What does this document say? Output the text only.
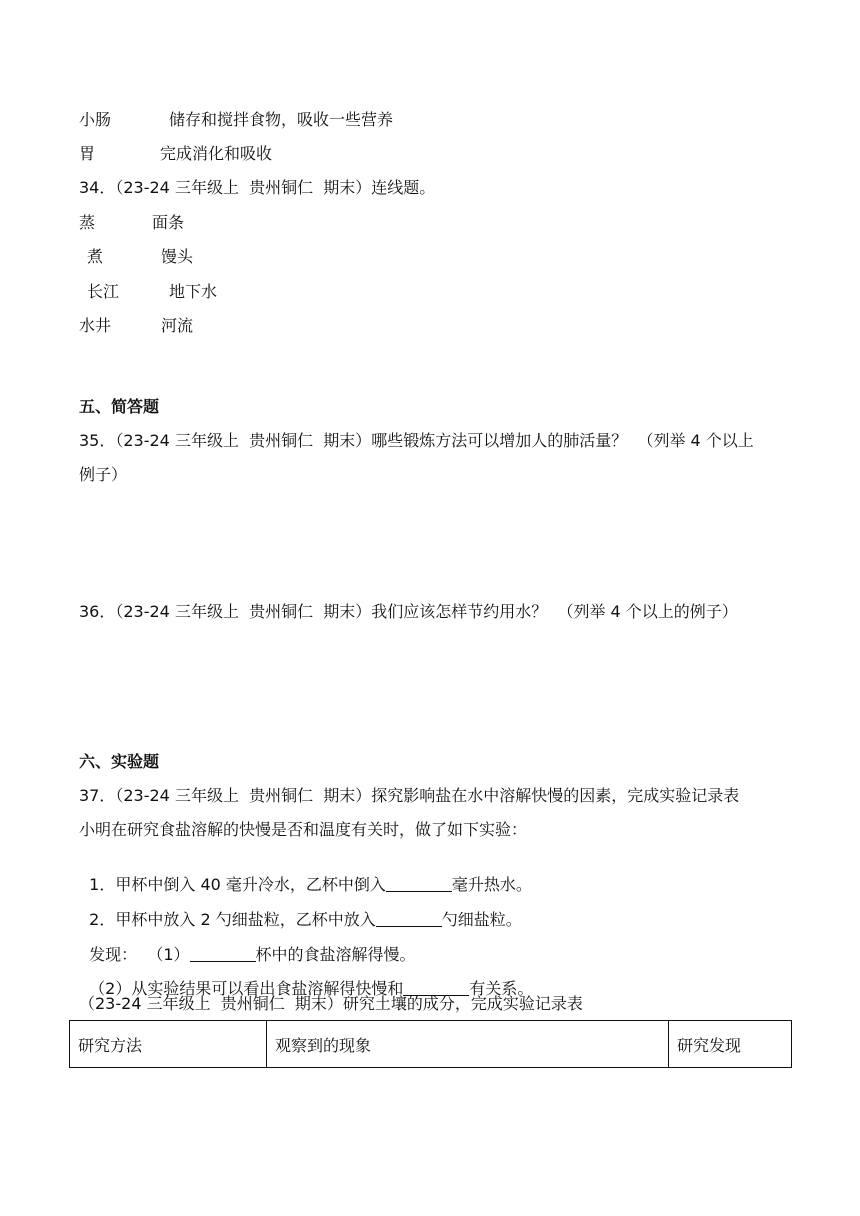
小肠	储存和搅拌食物，吸收一些营养
胃	完成消化和吸收
34．（23-24 三年级上  贵州铜仁  期末）连线题。
蒸	面条
煮	馒头
长江	地下水
水井	河流
五、简答题
35．（23-24 三年级上  贵州铜仁  期末）哪些锻炼方法可以增加人的肺活量？  （列举 4 个以上
例子）
36．（23-24 三年级上  贵州铜仁  期末）我们应该怎样节约用水？  （列举 4 个以上的例子）
六、实验题
37．（23-24 三年级上  贵州铜仁  期末）探究影响盐在水中溶解快慢的因素，完成实验记录表
小明在研究食盐溶解的快慢是否和温度有关时，做了如下实验：

1．甲杯中倒入 40 毫升冷水，乙杯中倒入	毫升热水。

2．甲杯中放入 2 勺细盐粒，乙杯中放入	勺细盐粒。

发现：  （1）	杯中的食盐溶解得慢。

（2）从实验结果可以看出食盐溶解得快慢和	有关系。

（23-24 三年级上  贵州铜仁  期末）研究土壤的成分，完成实验记录表
研究方法	观察到的现象	研究发现
